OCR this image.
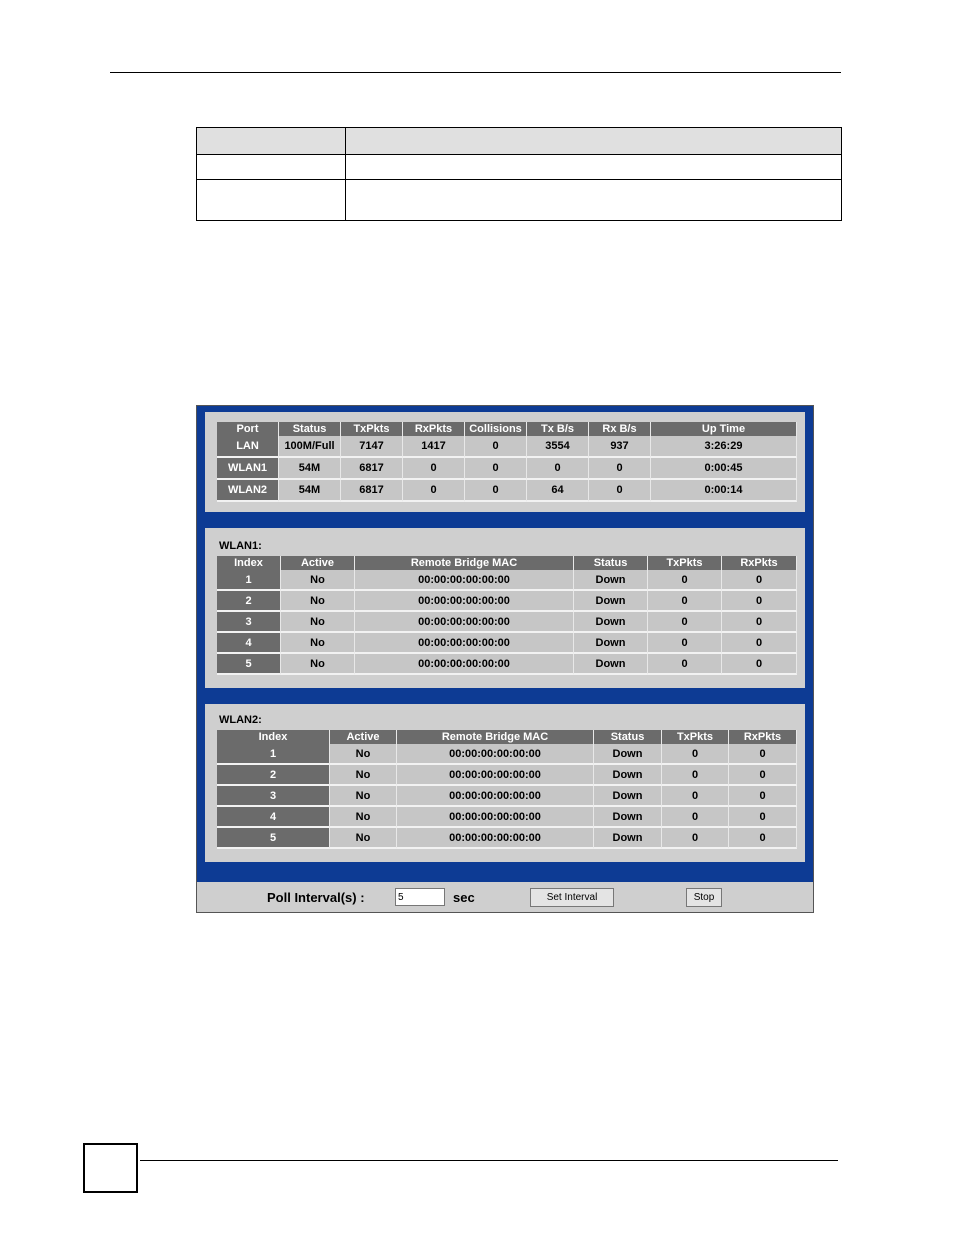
Port	Status	TxPkts	RxPkts	Collisions	Tx B/s	Rx B/s	Up Time
LAN	100M/Full	7147	1417	0	3554	937	3:26:29
WLAN1	54M	6817	0	0	0	0	0:00:45
WLAN2	54M	6817	0	0	64	0	0:00:14
WLAN1:
Index	Active	Remote Bridge MAC	Status	TxPkts	RxPkts
1	No	00:00:00:00:00:00	Down	0	0
2	No	00:00:00:00:00:00	Down	0	0
3	No	00:00:00:00:00:00	Down	0	0
4	No	00:00:00:00:00:00	Down	0	0
5	No	00:00:00:00:00:00	Down	0	0
WLAN2:
Index	Active	Remote Bridge MAC	Status	TxPkts	RxPkts
1	No	00:00:00:00:00:00	Down	0	0
2	No	00:00:00:00:00:00	Down	0	0
3	No	00:00:00:00:00:00	Down	0	0
4	No	00:00:00:00:00:00	Down	0	0
5	No	00:00:00:00:00:00	Down	0	0
Poll Interval(s) :
5	sec	Set Interval	Stop
